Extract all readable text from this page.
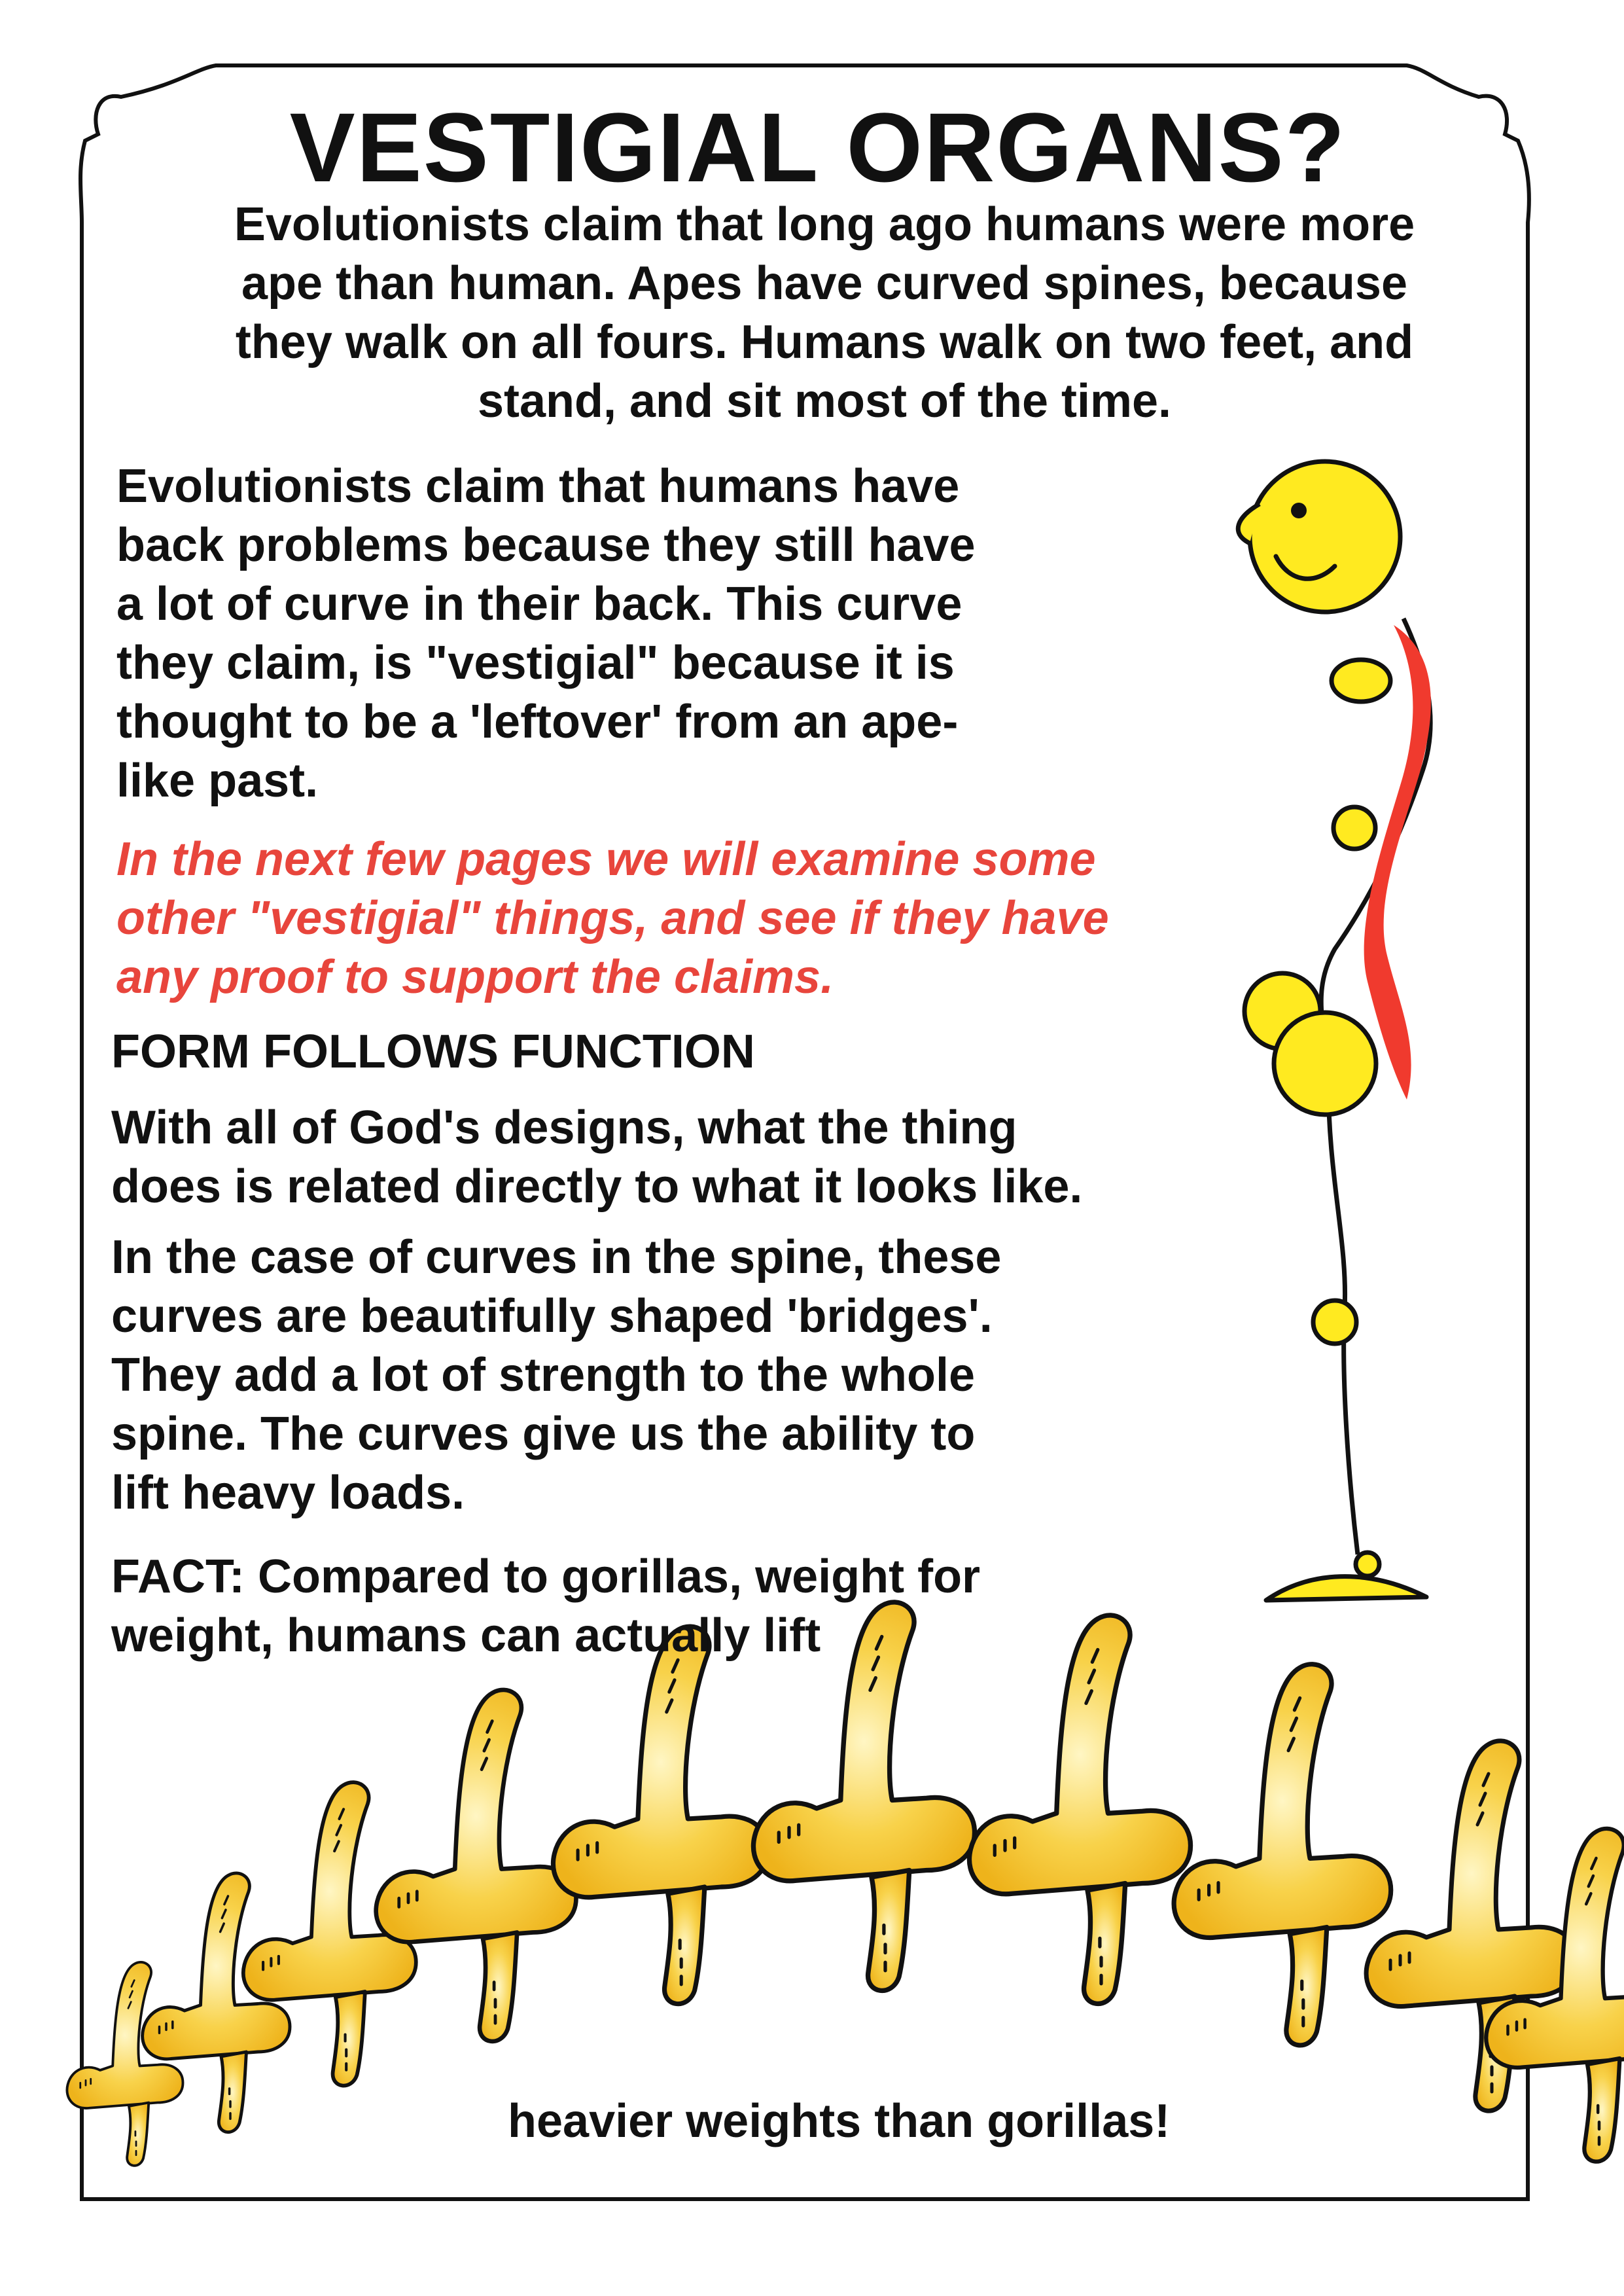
VESTIGIAL ORGANS?
Evolutionists claim that long ago humans were more
ape than human. Apes have curved spines, because
they walk on all fours. Humans walk on two feet, and
stand, and sit most of the time.
Evolutionists claim that humans have
back problems because they still have
a lot of curve in their back. This curve
they claim, is "vestigial" because it is
thought to be a 'leftover' from an ape-
like past.
In the next few pages we will examine some
other "vestigial" things, and see if they have
any proof to support the claims.
FORM FOLLOWS FUNCTION
With all of God's designs, what the thing
does is related directly to what it looks like.
In the case of curves in the spine, these
curves are beautifully shaped 'bridges'.
They add a lot of strength to the whole
spine. The curves give us the ability to
lift heavy loads.
FACT: Compared to gorillas, weight for
weight, humans can actually lift
heavier weights than gorillas!
